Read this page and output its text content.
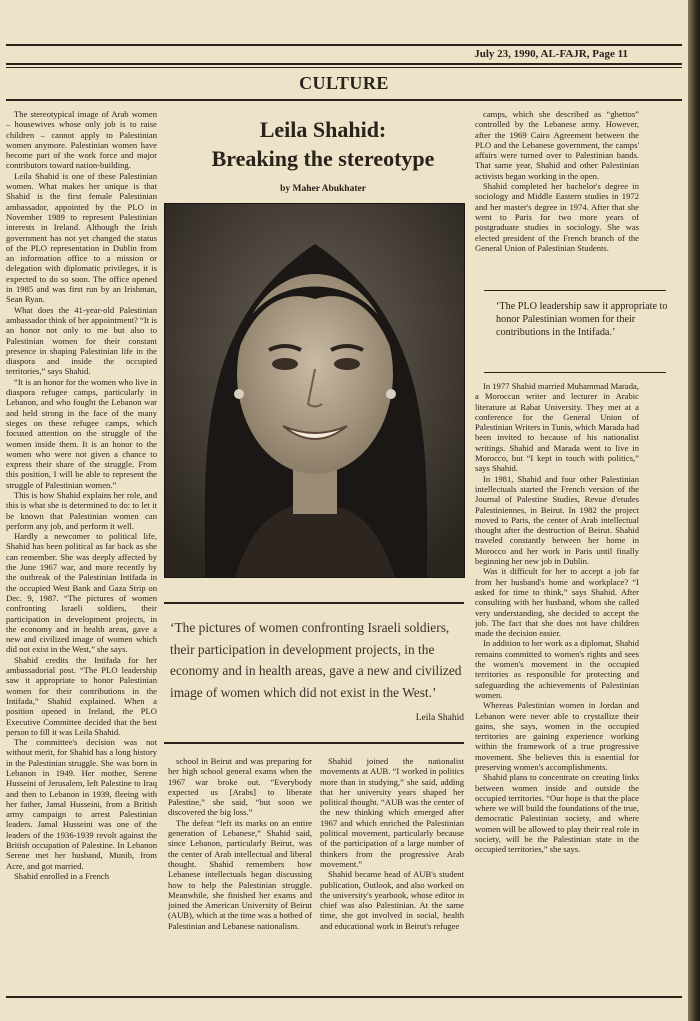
July 23, 1990, AL-FAJR, Page 11
CULTURE

The stereotypical image of Arab women – housewives whose only job is to raise children – cannot apply to Palestinian women anymore. Palestinian women have become part of the work force and major contributors toward nation-building.

Leila Shahid is one of these Palestinian women. What makes her unique is that Shahid is the first female Palestinian ambassador, appointed by the PLO in November 1989 to represent Palestinian interests in Ireland. Although the Irish government has not yet changed the status of the PLO representation in Dublin from an information office to a mission or delegation with diplomatic privileges, it is expected to do so soon. The office opened in 1985 and was first run by an Irishman, Sean Ryan.

What does the 41-year-old Palestinian ambassador think of her appointment? “It is an honor not only to me but also to Palestinian women for their constant presence in shaping Palestinian life in the diaspora and inside the occupied territories,” says Shahid.

“It is an honor for the women who live in diaspora refugee camps, particularly in Lebanon, and who fought the Lebanon war and held strong in the face of the many sieges on these refugee camps, which focused attention on the struggle of the women inside them. It is an honor to the women who were not given a chance to express their share of the struggle. From this position, I will be able to represent the struggle of Palestinian women.”

This is how Shahid explains her role, and this is what she is determined to do: to let it be known that Palestinian women can perform any job, and perform it well.

Hardly a newcomer to political life, Shahid has been political as far back as she can remember. She was deeply affected by the June 1967 war, and more recently by the outbreak of the Palestinian Intifada in the occupied West Bank and Gaza Strip on Dec. 9, 1987. “The pictures of women confronting Israeli soldiers, their participation in development projects, in the economy and in health areas, gave a new and civilized image of women which did not exist in the West,” she says.

Shahid credits the Intifada for her ambassadorial post. “The PLO leadership saw it appropriate to honor Palestinian women for their contributions in the Intifada,” Shahid explained. When a position opened in Ireland, the PLO Executive Committee decided that the best person to fill it was Leila Shahid.

The committee's decision was not without merit, for Shahid has a long history in the Palestinian struggle. She was born in Lebanon in 1949. Her mother, Serene Husseini of Jerusalem, left Palestine to Iraq and then to Lebanon in 1939, fleeing with her father, Jamal Husseini, from a British army campaign to arrest Palestinian leaders. Jamal Husseini was one of the leaders of the 1936-1939 revolt against the British occupation of Palestine. In Lebanon Serene met her husband, Munib, from Acre, and got married.

Shahid enrolled in a French

Leila Shahid:
Breaking the stereotype
by Maher Abukhater
‘The pictures of women confronting Israeli soldiers, their participation in development projects, in the economy and in health areas, gave a new and civilized image of women which did not exist in the West.’
Leila Shahid

school in Beirut and was preparing for her high school general exams when the 1967 war broke out. “Everybody expected us [Arabs] to liberate Palestine,” she said, “but soon we discovered the big loss.”

The defeat “left its marks on an entire generation of Lebanese,” Shahid said, since Lebanon, particularly Beirut, was the center of Arab intellectual and liberal thought. Shahid remembers how Lebanese intellectuals began discussing how to help the Palestinian struggle. Meanwhile, she finished her exams and joined the American University of Beirut (AUB), which at the time was a hotbed of Palestinian and Lebanese nationalism.

Shahid joined the nationalist movements at AUB. “I worked in politics more than in studying,” she said, adding that her university years shaped her political thought. “AUB was the center of the new thinking which emerged after 1967 and which enriched the Palestinian political movement, particularly because of the participation of a large number of thinkers from the progressive Arab movement.”

Shahid became head of AUB's student publication, Outlook, and also worked on the university's yearbook, whose editor in chief was also Palestinian. At the same time, she got involved in social, health and educational work in Beirut's refugee

camps, which she described as “ghettos” controlled by the Lebanese army. However, after the 1969 Cairo Agreement between the PLO and the Lebanese government, the camps' affairs were turned over to Palestinian hands. That same year, Shahid and other Palestinian activists began working in the open.

Shahid completed her bachelor's degree in sociology and Middle Eastern studies in 1972 and her master's degree in 1974. After that she went to Paris for two more years of postgraduate studies in sociology. She was elected president of the French branch of the General Union of Palestinian Students.

‘The PLO leadership saw it appropriate to honor Palestinian women for their contributions in the Intifada.’

In 1977 Shahid married Muhammad Marada, a Moroccan writer and lecturer in Arabic literature at Rabat University. They met at a conference for the General Union of Palestinian Writers in Tunis, which Marada had been invited to because of his nationalist writings. Shahid and Marada went to live in Morocco, but “I kept in touch with politics,” says Shahid.

In 1981, Shahid and four other Palestinian intellectuals started the French version of the Journal of Palestine Studies, Revue d'etudes Palestiniennes, in Beirut. In 1982 the project moved to Paris, the center of Arab intellectual thought after the destruction of Beirut. Shahid traveled constantly between her home in Morocco and her work in Paris until finally beginning her new job in Dublin.

Was it difficult for her to accept a job far from her husband's home and workplace? “I asked for time to think,” says Shahid. After consulting with her husband, whom she called very understanding, she decided to accept the job. The fact that she does not have children made the decision easier.

In addition to her work as a diplomat, Shahid remains committed to women's rights and sees the women's movement in the occupied territories as responsible for protecting and safeguarding the achievements of Palestinian women.

Whereas Palestinian women in Jordan and Lebanon were never able to crystallize their gains, she says, women in the occupied territories are gaining experience working within the framework of a true progressive movement. She believes this is essential for preserving women's accomplishments.

Shahid plans to concentrate on creating links between women inside and outside the occupied territories. “Our hope is that the place where we will build the foundations of the true, democratic Palestinian society, and where women will be allowed to play their real role in society, will be the Palestinian state in the occupied territories,” she says.
